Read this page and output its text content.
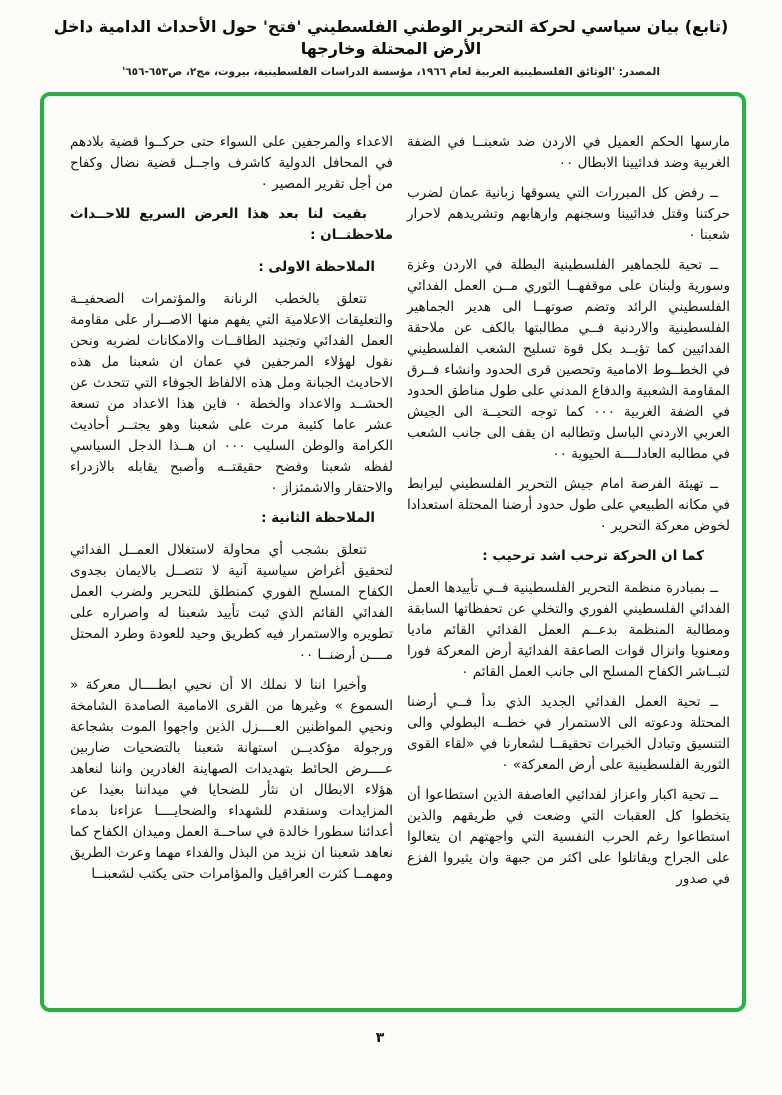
(تابع) بيان سياسي لحركة التحرير الوطني الفلسطيني 'فتح' حول الأحداث الدامية داخل الأرض المحتلة وخارجها
المصدر: 'الوثائق الفلسطينية العربية لعام ١٩٦٦، مؤسسة الدراسات الفلسطينية، بيروت، مج٢، ص٦٥٣-٦٥٦'

مارسها الحكم العميل في الاردن ضد شعبنــا في الضفة الغربية وضد فدائيينا الابطال ٠٠

ــ رفض كل المبررات التي يسوقها زبانية عمان لضرب حركتنا وقتل فدائيينا وسجنهم وارهابهم وتشريدهم لاحرار شعبنا ٠

ــ تحية للجماهير الفلسطينية البطلة في الاردن وغزة وسورية ولبنان على موقفهــا الثوري مــن العمل الفدائي الفلسطيني الرائد وتضم صوتهــا الى هدير الجماهير الفلسطينية والاردنية فــي مطالبتها بالكف عن ملاحقة الفدائيين كما تؤيــد بكل قوة تسليح الشعب الفلسطيني في الخطــوط الامامية وتحصين قرى الحدود وانشاء فــرق المقاومة الشعبية والدفاع المدني على طول مناطق الحدود في الضفة الغربية ٠٠٠ كما توجه التحيــة الى الجيش العربي الاردني الباسل وتطالبه ان يقف الى جانب الشعب في مطالبه العادلــــة الحيوية ٠٠

ــ تهيئة الفرصة امام جيش التحرير الفلسطيني ليرابط في مكانه الطبيعي على طول حدود أرضنا المحتلة استعدادا لخوض معركة التحرير ٠

كما ان الحركة ترحب اشد ترحيب :

ــ بمبادرة منظمة التحرير الفلسطينية فــي تأييدها العمل الفدائي الفلسطيني الفوري والتخلي عن تحفظاتها السابقة ومطالبة المنظمة بدعــم العمل الفدائي القائم ماديا ومعنويا وانزال قوات الصاعقة الفدائية أرض المعركة فورا لتبــاشر الكفاح المسلح الى جانب العمل القائم ٠

ــ تحية العمل الفدائي الجديد الذي بدأ فــي أرضنا المحتلة ودعوته الى الاستمرار في خطــه البطولي والى التنسيق وتبادل الخبرات تحقيقــا لشعارنا في «لقاء القوى الثورية الفلسطينية على أرض المعركة» ٠

ــ تحية اكبار واعزاز لفدائيي العاصفة الذين استطاعوا أن يتخطوا كل العقبات التي وضعت في طريقهم والذين استطاعوا رغم الحرب النفسية التي واجهتهم ان يتعالوا على الجراح ويقاتلوا على اكثر من جبهة وان يثيروا الفزع في صدور

الاعداء والمرجفين على السواء حتى حركــوا قضية بلادهم في المحافل الدولية كاشرف واجــل قضية نضال وكفاح من أجل تقرير المصير ٠

بقيت لنا بعد هذا العرض السريع للاحــداث ملاحظتــان :

الملاحظة الاولى :

تتعلق بالخطب الرنانة والمؤتمرات الصحفيــة والتعليقات الاعلامية التي يفهم منها الاصــرار على مقاومة العمل الفدائي وتجنيد الطاقــات والامكانات لضربه ونحن نقول لهؤلاء المرجفين في عمان ان شعبنا مل هذه الاحاديث الجبانة ومل هذه الالفاظ الجوفاء التي تتحدث عن الحشــد والاعداد والخطة ٠ فاين هذا الاعداد من تسعة عشر عاما كئيبة مرت على شعبنا وهو يجتــر أحاديث الكرامة والوطن السليب ٠٠٠ ان هــذا الدجل السياسي لفظه شعبنا وفضح حقيقتــه وأصبح يقابله بالازدراء والاحتقار والاشمئزاز ٠

الملاحظة الثانية :

تتعلق بشجب أي محاولة لاستغلال العمــل الفدائي لتحقيق أغراض سياسية آنية لا تتصــل بالايمان بجدوى الكفاح المسلح الفوري كمنطلق للتحرير ولضرب العمل الفدائي القائم الذي ثبت تأييد شعبنا له واصراره على تطويره والاستمرار فيه كطريق وحيد للعودة وطرد المحتل مــــن أرضنــا ٠٠

وأخيرا اننا لا نملك الا أن نحيي ابطــــال معركة « السموع » وغيرها من القرى الامامية الصامدة الشامخة ونحيي المواطنين العــــزل الذين واجهوا الموت بشجاعة ورجولة مؤكديــن استهانة شعبنا بالتضحيات ضاربين عــــرض الحائط بتهديدات الصهاينة الغادرين واننا لنعاهد هؤلاء الابطال ان نثأر للضحايا في ميداننا بعيدا عن المزايدات وسنقدم للشهداء والضحايــــا عزاءنا بدماء أعدائنا سطورا خالدة في ساحــة العمل وميدان الكفاح كما نعاهد شعبنا ان نزيد من البذل والفداء مهما وعرت الطريق ومهمــا كثرت العراقيل والمؤامرات حتى يكتب لشعبنــا

٣
